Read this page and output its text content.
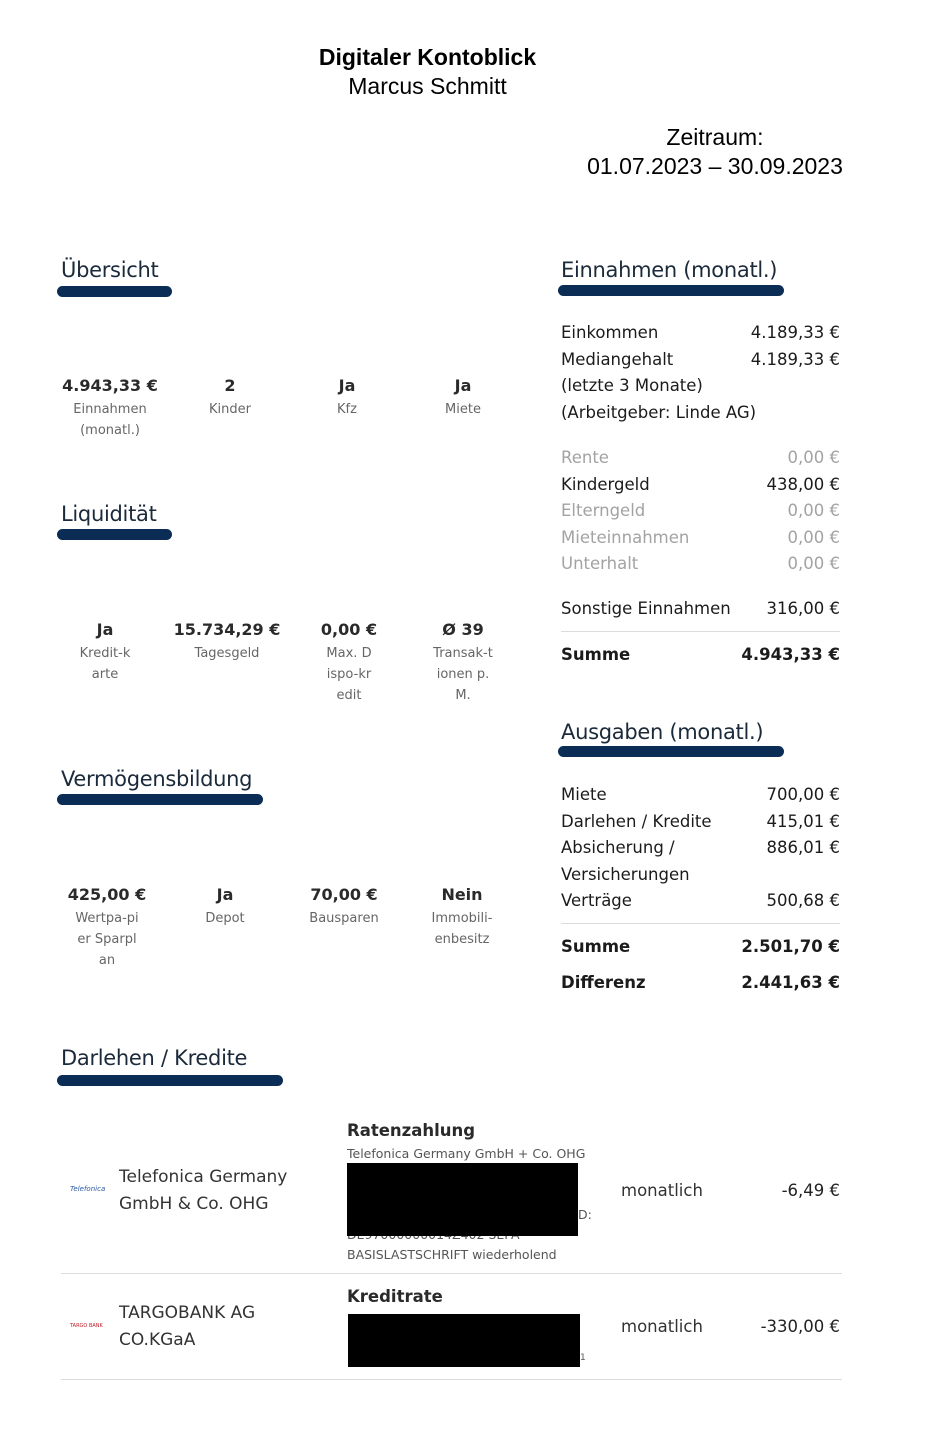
Digitaler Kontoblick
Marcus Schmitt
Zeitraum:
01.07.2023 – 30.09.2023
Übersicht
4.943,33 €
Einnahmen (monatl.)
2
Kinder
Ja
Kfz
Ja
Miete
Liquidität
Ja
Kredit-karte
15.734,29 €
Tagesgeld
0,00 €
Max. Dispo-kredit
Ø 39
Transak-tionen p.M.
Vermögensbildung
425,00 €
Wertpa-pier Sparplan
Ja
Depot
70,00 €
Bausparen
Nein
Immobili-enbesitz
Einnahmen (monatl.)
Einkommen	4.189,33 €
Mediangehalt	4.189,33 €
(letzte 3 Monate)
(Arbeitgeber: Linde AG)
Rente	0,00 €
Kindergeld	438,00 €
Elterngeld	0,00 €
Mieteinnahmen	0,00 €
Unterhalt	0,00 €
Sonstige Einnahmen 316,00 €
Summe	4.943,33 €
Ausgaben (monatl.)
Miete	700,00 €
Darlehen / Kredite	415,01 €
Absicherung /	886,01 €
Versicherungen
Verträge	500,68 €
Summe	2.501,70 €
Differenz	2.441,63 €
Darlehen / Kredite
Telefonica
Telefonica Germany
GmbH & Co. OHG
Ratenzahlung
Telefonica Germany GmbH + Co. OHG
D:
BASISLASTSCHRIFT wiederholend
monatlich	-6,49 €
TARGO BANK
TARGOBANK AG
CO.KGaA
Kreditrate
1
monatlich	-330,00 €
